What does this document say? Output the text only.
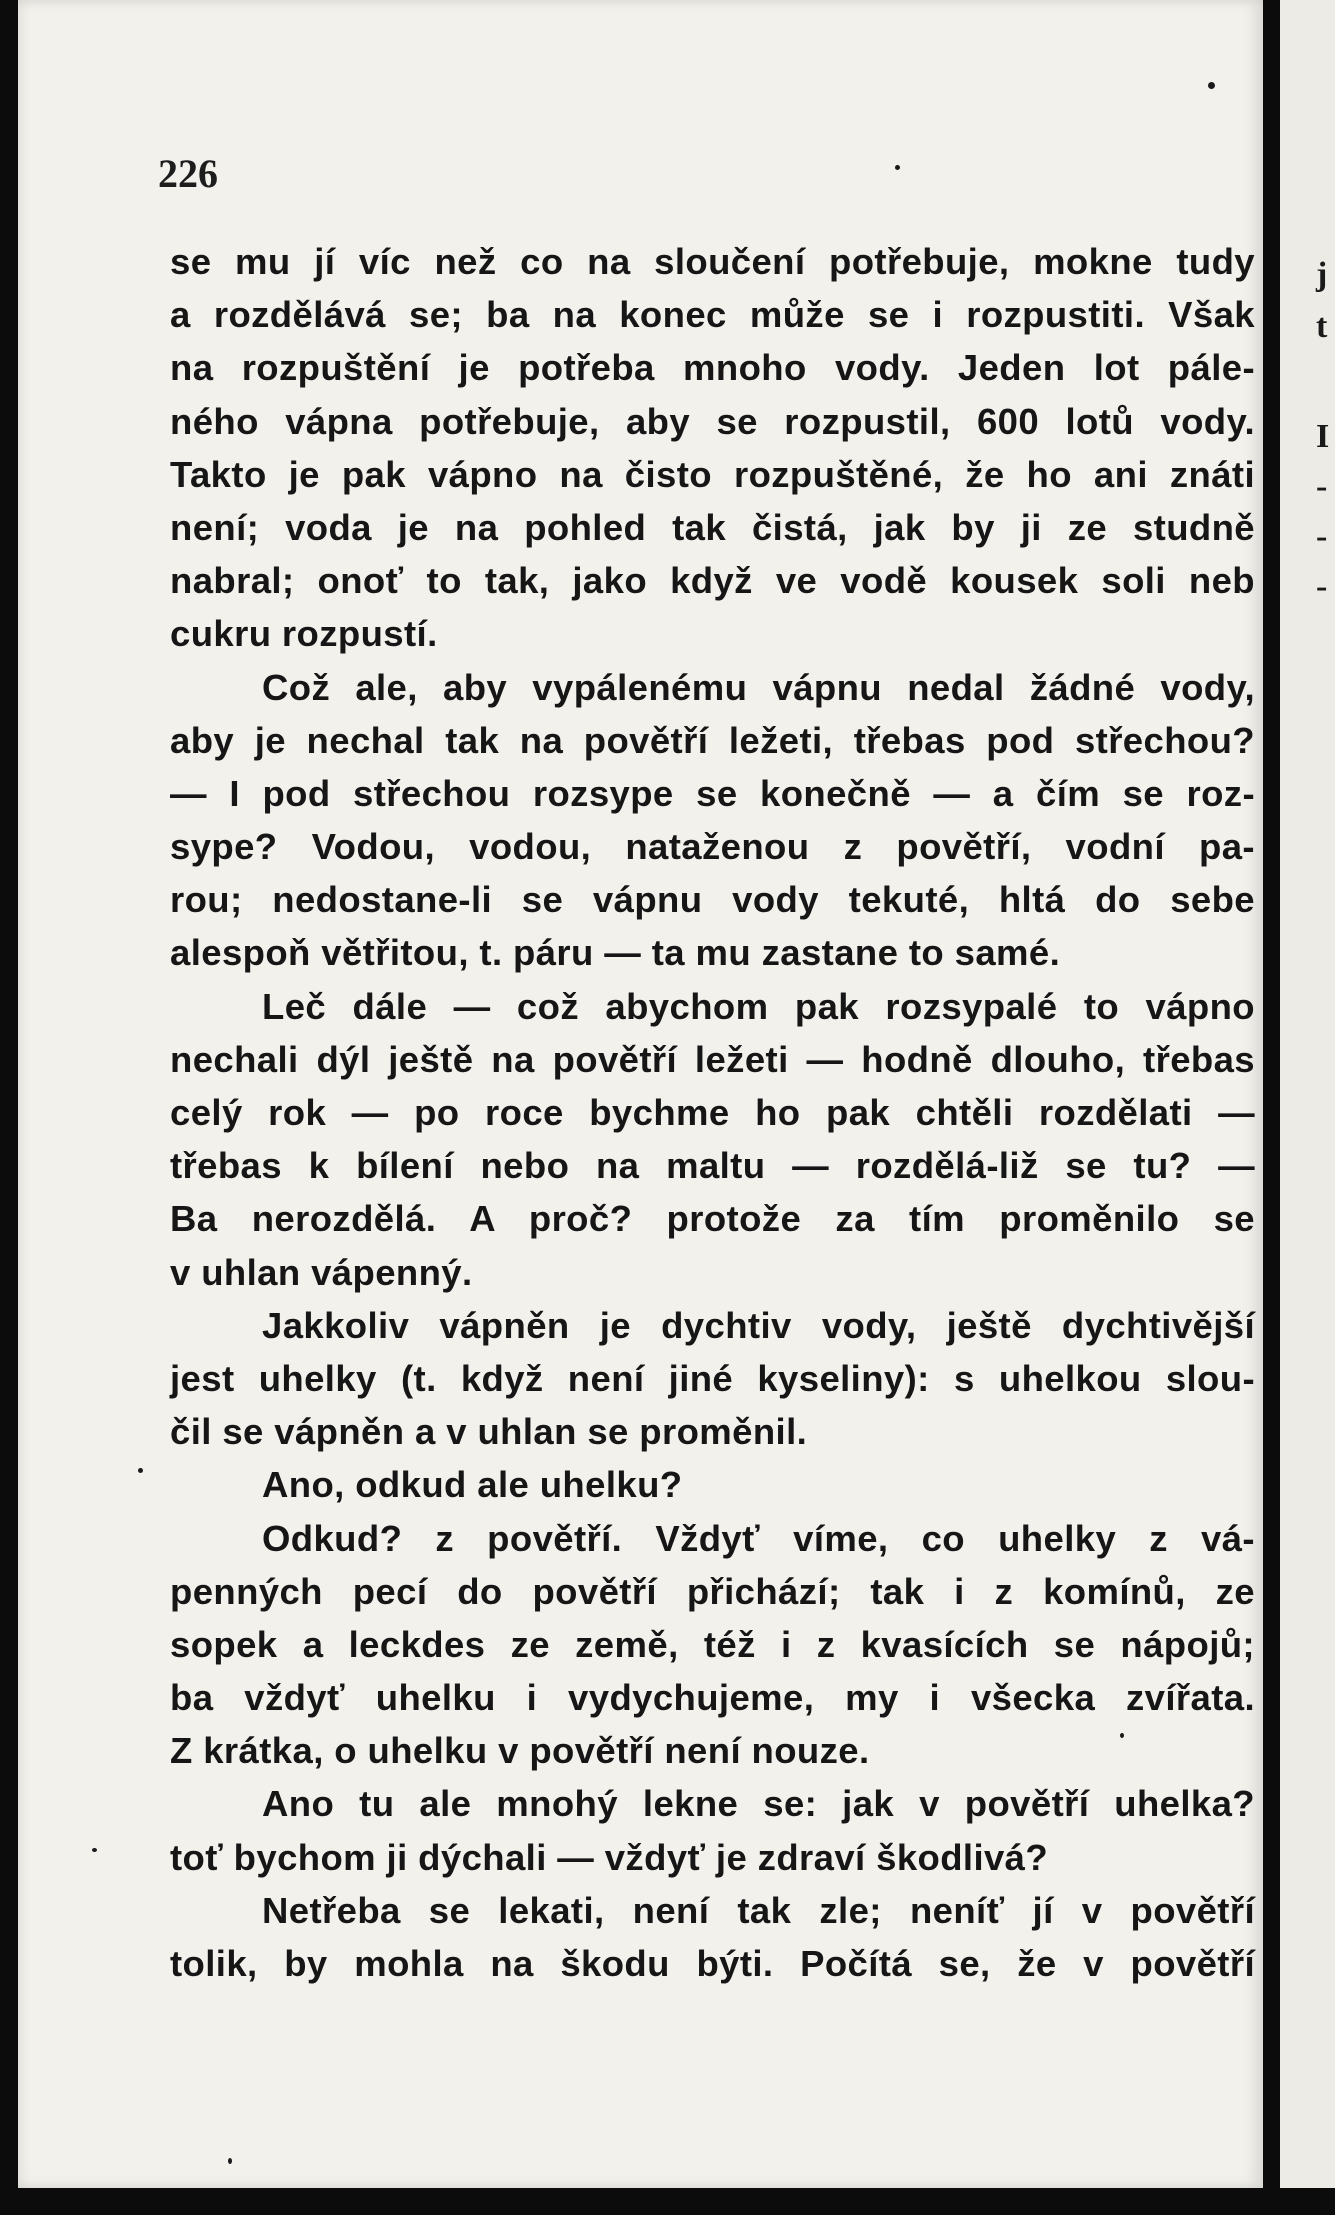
j
t
I
-
-
-
226
se mu jí víc než co na sloučení potřebuje, mokne tudy
a rozdělává se; ba na konec může se i rozpustiti. Však
na rozpuštění je potřeba mnoho vody. Jeden lot pále-
ného vápna potřebuje, aby se rozpustil, 600 lotů vody.
Takto je pak vápno na čisto rozpuštěné, že ho ani znáti
není; voda je na pohled tak čistá, jak by ji ze studně
nabral; onoť to tak, jako když ve vodě kousek soli neb
cukru rozpustí.
Což ale, aby vypálenému vápnu nedal žádné vody,
aby je nechal tak na povětří ležeti, třebas pod střechou?
— I pod střechou rozsype se konečně — a čím se roz-
sype? Vodou, vodou, nataženou z povětří, vodní pa-
rou; nedostane-li se vápnu vody tekuté, hltá do sebe
alespoň větřitou, t. páru — ta mu zastane to samé.
Leč dále — což abychom pak rozsypalé to vápno
nechali dýl ještě na povětří ležeti — hodně dlouho, třebas
celý rok — po roce bychme ho pak chtěli rozdělati —
třebas k bílení nebo na maltu — rozdělá-liž se tu? —
Ba nerozdělá. A proč? protože za tím proměnilo se
v uhlan vápenný.
Jakkoliv vápněn je dychtiv vody, ještě dychtivější
jest uhelky (t. když není jiné kyseliny): s uhelkou slou-
čil se vápněn a v uhlan se proměnil.
Ano, odkud ale uhelku?
Odkud? z povětří. Vždyť víme, co uhelky z vá-
penných pecí do povětří přichází; tak i z komínů, ze
sopek a leckdes ze země, též i z kvasících se nápojů;
ba vždyť uhelku i vydychujeme, my i všecka zvířata.
Z krátka, o uhelku v povětří není nouze.
Ano tu ale mnohý lekne se: jak v povětří uhelka?
toť bychom ji dýchali — vždyť je zdraví škodlivá?
Netřeba se lekati, není tak zle; neníť jí v povětří
tolik, by mohla na škodu býti. Počítá se, že v povětří
